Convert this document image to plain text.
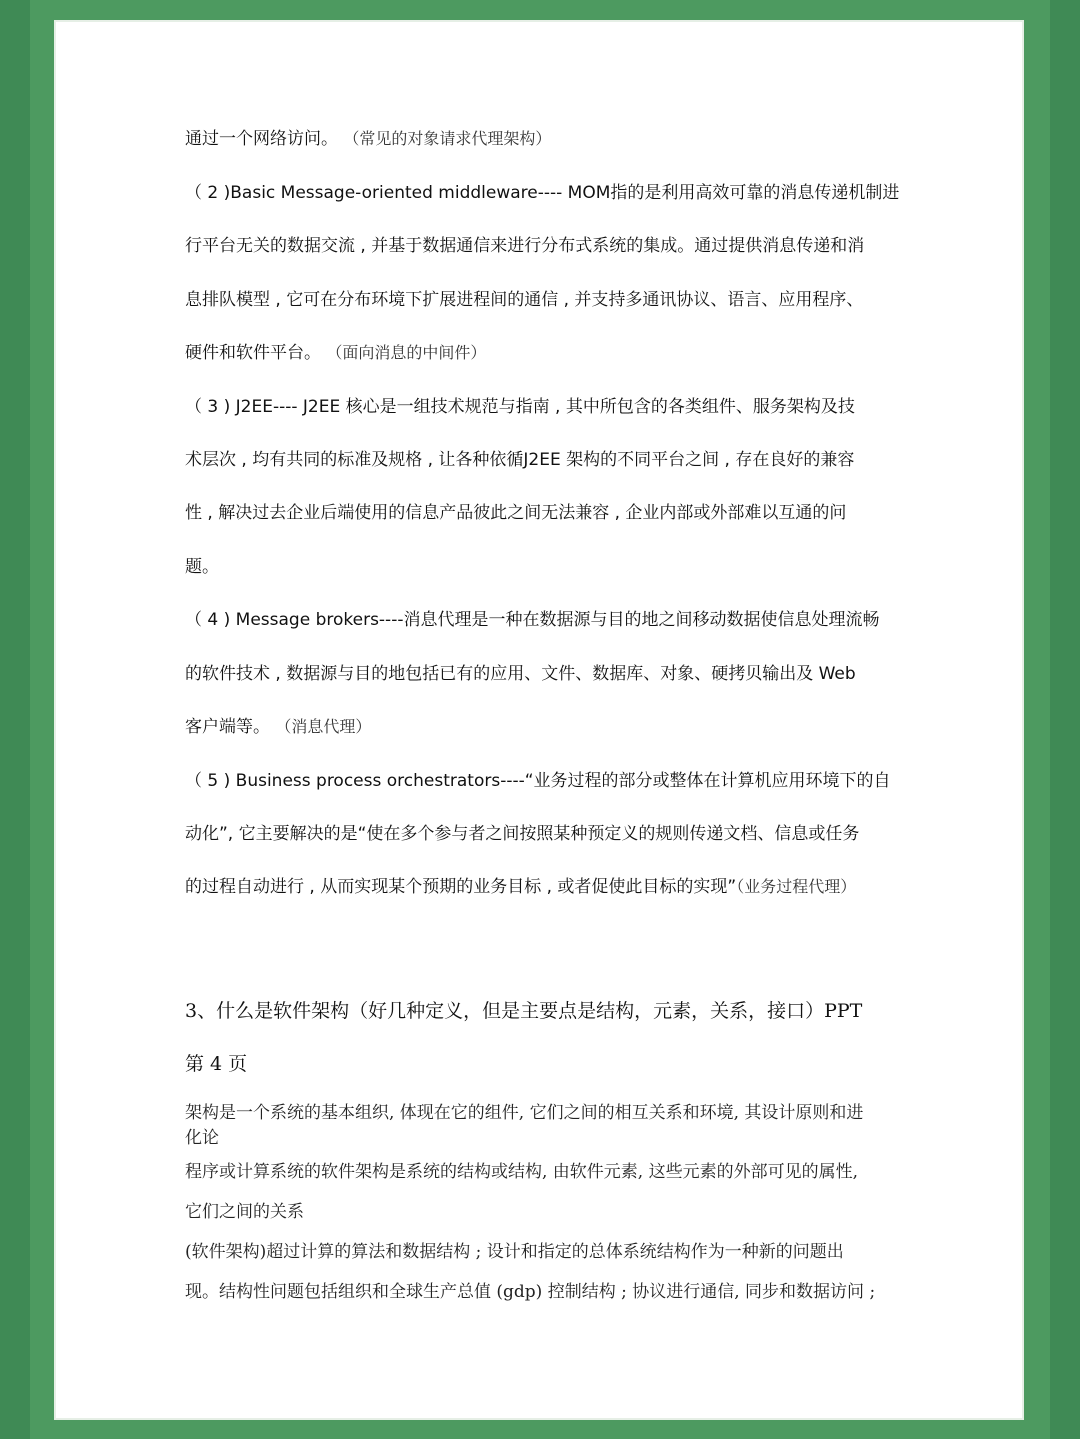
通过一个网络访问。 （常见的对象请求代理架构）
（ 2 )Basic Message-oriented middleware---- MOM指的是利用高效可靠的消息传递机制进
行平台无关的数据交流 , 并基于数据通信来进行分布式系统的集成。通过提供消息传递和消
息排队模型 , 它可在分布环境下扩展进程间的通信 , 并支持多通讯协议、语言、应用程序、
硬件和软件平台。 （面向消息的中间件）
（ 3 ) J2EE---- J2EE 核心是一组技术规范与指南 , 其中所包含的各类组件、服务架构及技
术层次 , 均有共同的标准及规格 , 让各种依循J2EE 架构的不同平台之间 , 存在良好的兼容
性 , 解决过去企业后端使用的信息产品彼此之间无法兼容 , 企业内部或外部难以互通的问
题。
（ 4 ) Message brokers----消息代理是一种在数据源与目的地之间移动数据使信息处理流畅
的软件技术 , 数据源与目的地包括已有的应用、文件、数据库、对象、硬拷贝输出及 Web
客户端等。 （消息代理）
（ 5 ) Business process orchestrators----“业务过程的部分或整体在计算机应用环境下的自
动化”, 它主要解决的是“使在多个参与者之间按照某种预定义的规则传递文档、信息或任务
的过程自动进行 , 从而实现某个预期的业务目标 , 或者促使此目标的实现”（业务过程代理）
3、什么是软件架构（好几种定义，但是主要点是结构，元素，关系，接口）PPT
第 4 页
架构是一个系统的基本组织, 体现在它的组件, 它们之间的相互关系和环境, 其设计原则和进
化论
程序或计算系统的软件架构是系统的结构或结构, 由软件元素, 这些元素的外部可见的属性,
它们之间的关系
(软件架构)超过计算的算法和数据结构 ; 设计和指定的总体系统结构作为一种新的问题出
现。结构性问题包括组织和全球生产总值 (gdp) 控制结构 ; 协议进行通信, 同步和数据访问 ;
